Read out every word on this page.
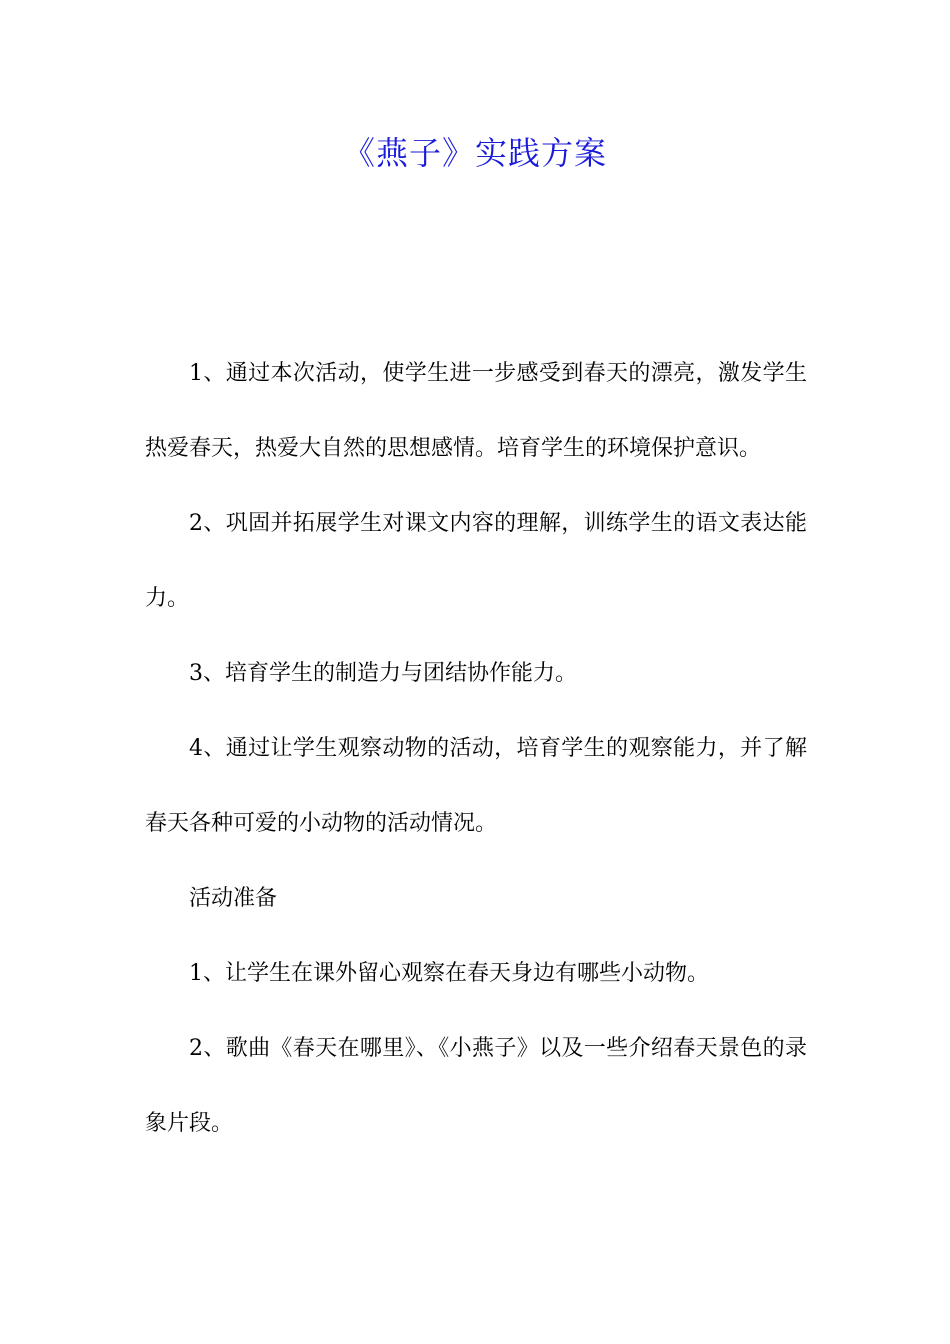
《燕子》实践方案

1、通过本次活动，使学生进一步感受到春天的漂亮，激发学生热爱春天，热爱大自然的思想感情。培育学生的环境保护意识。

2、巩固并拓展学生对课文内容的理解，训练学生的语文表达能力。

3、培育学生的制造力与团结协作能力。

4、通过让学生观察动物的活动，培育学生的观察能力，并了解春天各种可爱的小动物的活动情况。

活动准备

1、让学生在课外留心观察在春天身边有哪些小动物。

2、歌曲《春天在哪里》、《小燕子》以及一些介绍春天景色的录象片段。
